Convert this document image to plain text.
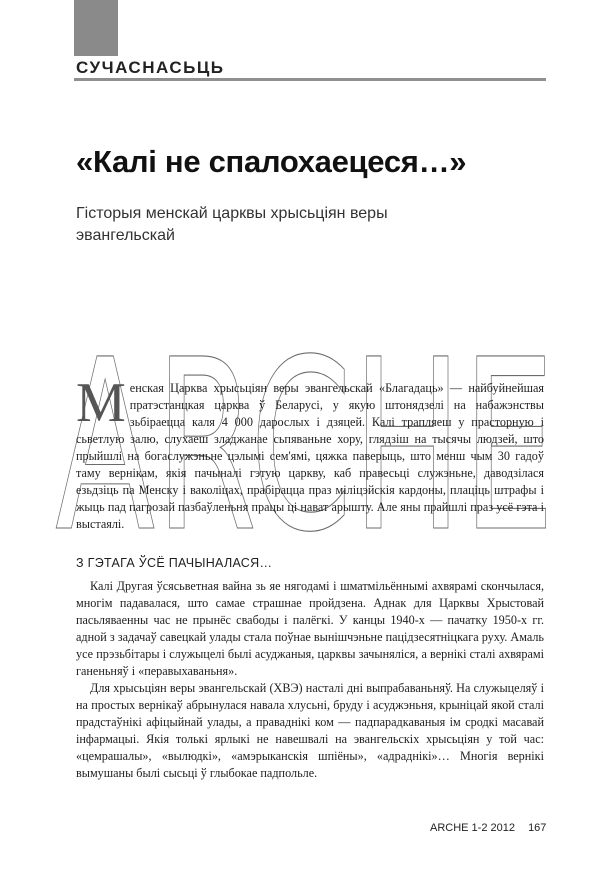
СУЧАСНАСЬЦЬ
«Калі не спалохаецеся…»
Гісторыя менскай царквы хрысьціян веры эвангельскай
ARCHE

Менская Царква хрысьціян веры эвангельскай «Благадаць» — найбуйнейшая пратэстанцкая царква ў Беларусі, у якую штонядзелі на набажэнствы зьбіраецца каля 4 000 дарослых і дзяцей. Калі трапляеш у прасторную і сьветлую залю, слухаеш зладжанае сьпяваньне хору, глядзіш на тысячы людзей, што прыйшлі на богаслужэньне цэлымі сем'ямі, цяжка паверыць, што менш чым 30 гадоў таму вернікам, якія пачыналі гэтую царкву, каб правесьці служэньне, даводзілася езьдзіць па Менску і ваколіцах, прабірацца праз міліцэйскія кардоны, плаціць штрафы і жыць пад пагрозай пазбаўленьня працы ці нават арышту. Але яны прайшлі праз усё гэта і выстаялі.

З ГЭТАГА ЎСЁ ПАЧЫНАЛАСЯ…

Калі Другая ўсясьветная вайна зь яе нягодамі і шматмільённымі ахвярамі скончылася, многім падавалася, што самае страшнае пройдзена. Аднак для Царквы Хрыстовай пасьляваенны час не прынёс свабоды і палёгкі. У канцы 1940-х — пачатку 1950-х гг. адной з задачаў савецкай улады стала поўнае вынішчэньне пацідзесятніцкага руху. Амаль усе прэзьбітары і служыцелі былі асуджаныя, царквы зачыняліся, а вернікі сталі ахвярамі ганеньняў і «перавыхаваньня».

Для хрысьціян веры эвангельскай (ХВЭ) насталі дні выпрабаваньняў. На служыцеляў і на простых вернікаў абрынулася навала хлусьні, бруду і асуджэньня, крыніцай якой сталі прадстаўнікі афіцыйнай улады, а праваднікі ком — падпарадкаваныя ім сродкі масавай інфармацыі. Якія толькі ярлыкі не навешвалі на эвангельскіх хрысьціян у той час: «цемрашалы», «вылюдкі», «амэрыканскія шпіёны», «адраднікі»… Многія вернікі вымушаны былі сысьці ў глыбокае падпольле.

ARCHE 1-2 2012 167
